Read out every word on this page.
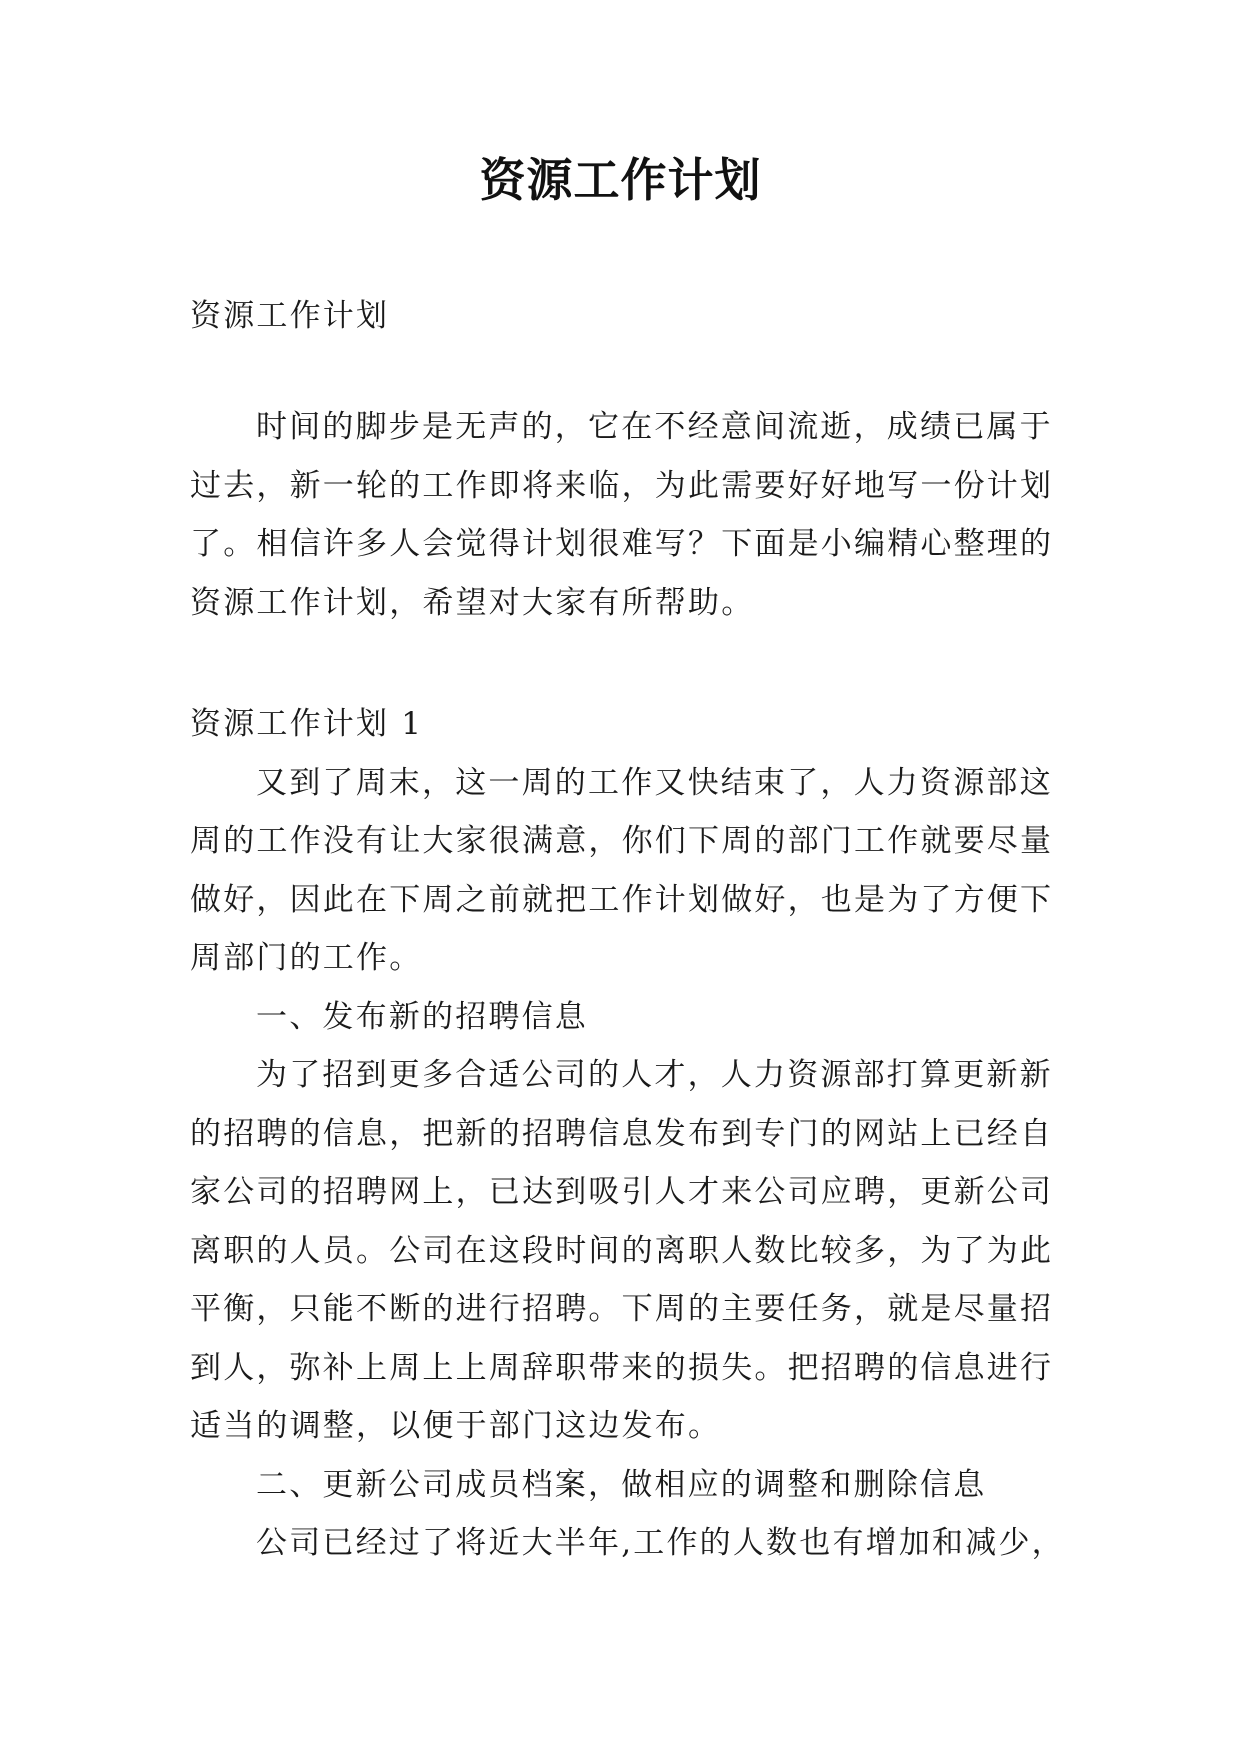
资源工作计划
资源工作计划
时间的脚步是无声的，它在不经意间流逝，成绩已属于
过去，新一轮的工作即将来临，为此需要好好地写一份计划
了。相信许多人会觉得计划很难写？下面是小编精心整理的
资源工作计划，希望对大家有所帮助。
资源工作计划 1
又到了周末，这一周的工作又快结束了，人力资源部这
周的工作没有让大家很满意，你们下周的部门工作就要尽量
做好，因此在下周之前就把工作计划做好，也是为了方便下
周部门的工作。
一、发布新的招聘信息
为了招到更多合适公司的人才，人力资源部打算更新新
的招聘的信息，把新的招聘信息发布到专门的网站上已经自
家公司的招聘网上，已达到吸引人才来公司应聘，更新公司
离职的人员。公司在这段时间的离职人数比较多，为了为此
平衡，只能不断的进行招聘。下周的主要任务，就是尽量招
到人，弥补上周上上周辞职带来的损失。把招聘的信息进行
适当的调整，以便于部门这边发布。
二、更新公司成员档案，做相应的调整和删除信息
公司已经过了将近大半年,工作的人数也有增加和减少，
